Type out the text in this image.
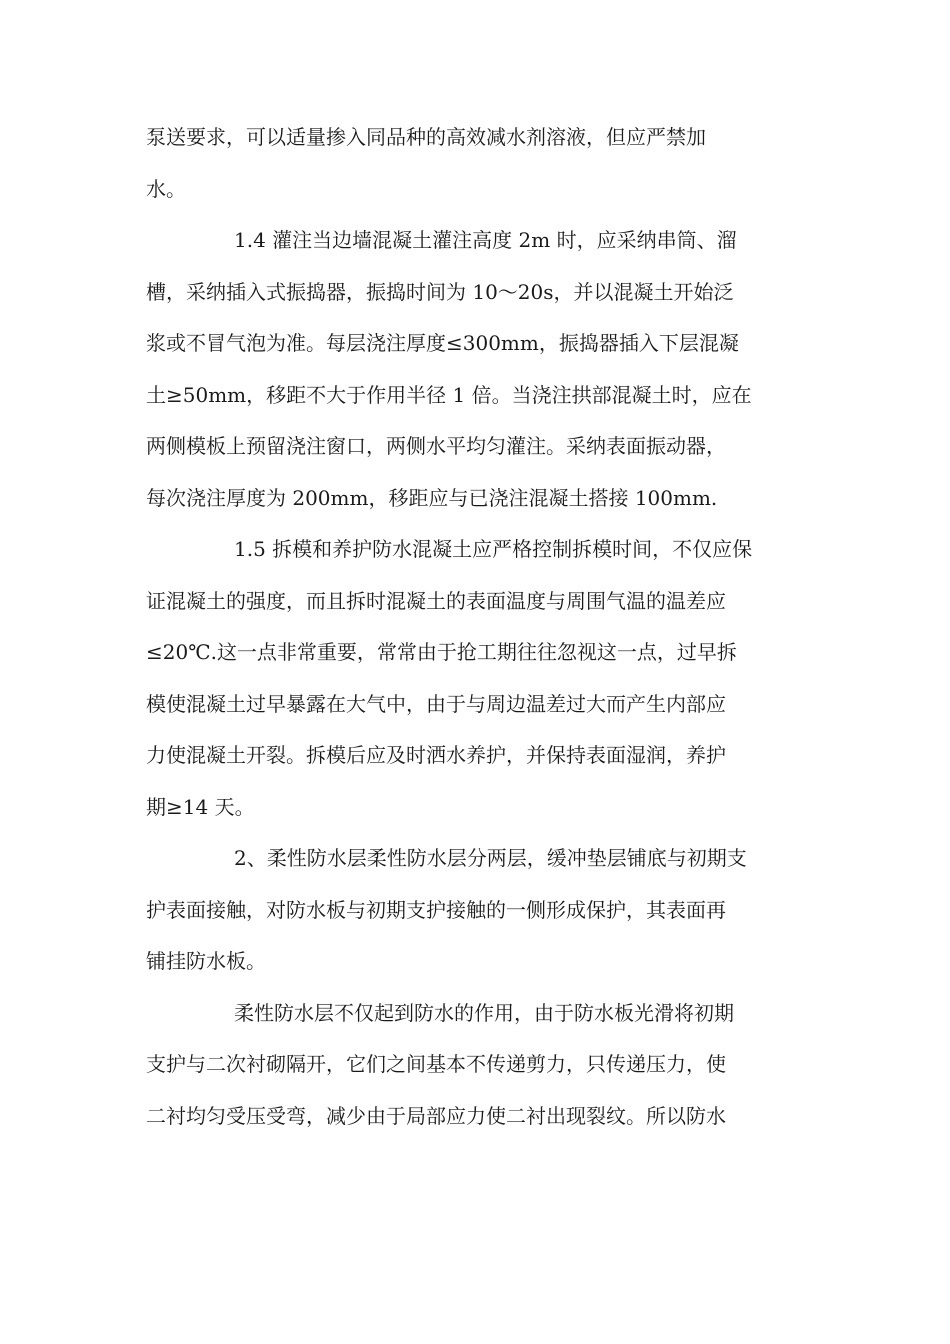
泵送要求，可以适量掺入同品种的高效减水剂溶液，但应严禁加
水。
1.4 灌注当边墙混凝土灌注高度 2m 时，应采纳串筒、溜
槽，采纳插入式振捣器，振捣时间为 10～20s，并以混凝土开始泛
浆或不冒气泡为准。每层浇注厚度≤300mm，振捣器插入下层混凝
土≥50mm，移距不大于作用半径 1 倍。当浇注拱部混凝土时，应在
两侧模板上预留浇注窗口，两侧水平均匀灌注。采纳表面振动器，
每次浇注厚度为 200mm，移距应与已浇注混凝土搭接 100mm.
1.5 拆模和养护防水混凝土应严格控制拆模时间，不仅应保
证混凝土的强度，而且拆时混凝土的表面温度与周围气温的温差应
≤20℃.这一点非常重要，常常由于抢工期往往忽视这一点，过早拆
模使混凝土过早暴露在大气中，由于与周边温差过大而产生内部应
力使混凝土开裂。拆模后应及时洒水养护，并保持表面湿润，养护
期≥14 天。
2、柔性防水层柔性防水层分两层，缓冲垫层铺底与初期支
护表面接触，对防水板与初期支护接触的一侧形成保护，其表面再
铺挂防水板。
柔性防水层不仅起到防水的作用，由于防水板光滑将初期
支护与二次衬砌隔开，它们之间基本不传递剪力，只传递压力，使
二衬均匀受压受弯，减少由于局部应力使二衬出现裂纹。所以防水
